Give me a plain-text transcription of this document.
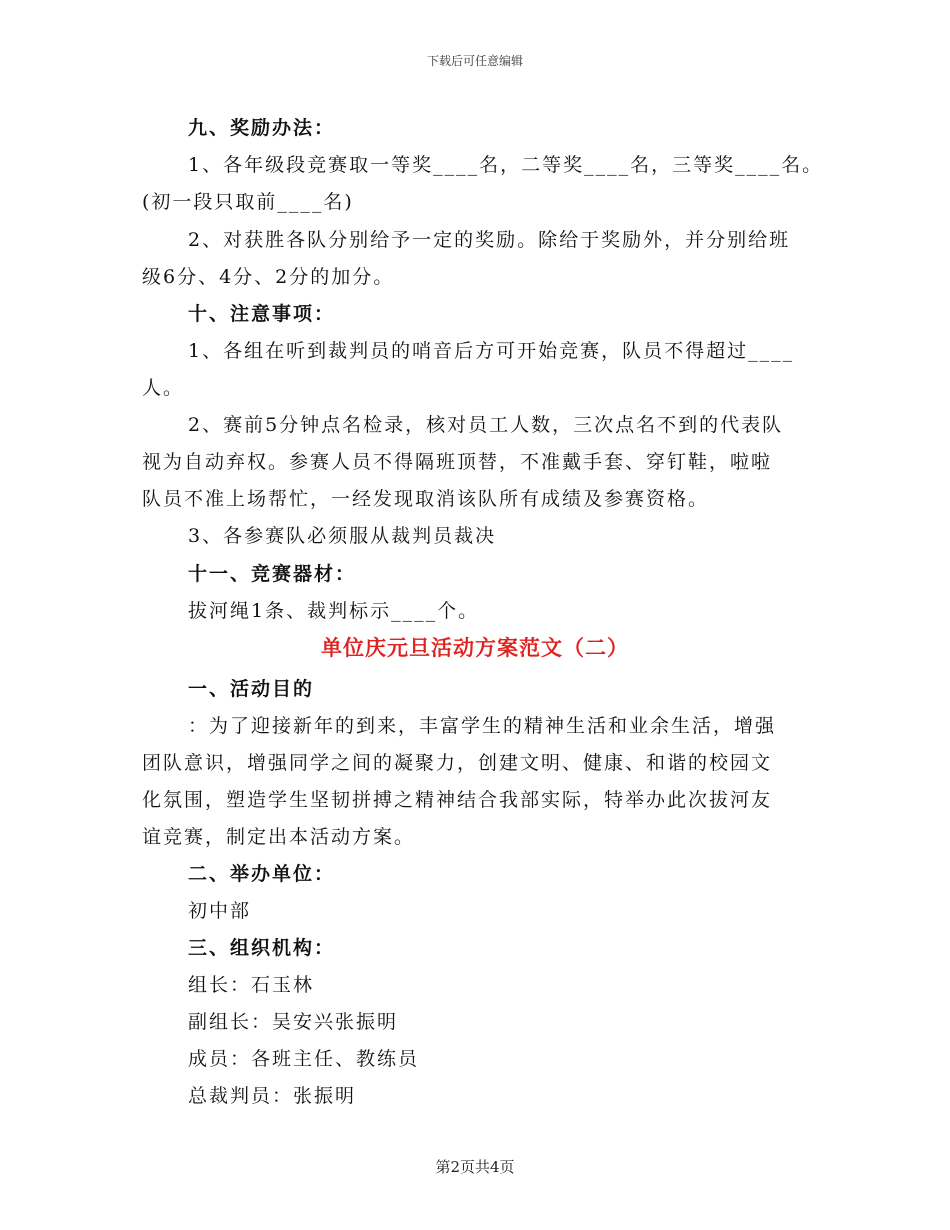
下载后可任意编辑
九、奖励办法：
1、各年级段竞赛取一等奖____名，二等奖____名，三等奖____名。
(初一段只取前____名)
2、对获胜各队分别给予一定的奖励。除给于奖励外，并分别给班
级6分、4分、2分的加分。
十、注意事项：
1、各组在听到裁判员的哨音后方可开始竞赛，队员不得超过____
人。
2、赛前5分钟点名检录，核对员工人数，三次点名不到的代表队
视为自动弃权。参赛人员不得隔班顶替，不准戴手套、穿钉鞋，啦啦
队员不准上场帮忙，一经发现取消该队所有成绩及参赛资格。
3、各参赛队必须服从裁判员裁决
十一、竞赛器材：
拔河绳1条、裁判标示____个。
单位庆元旦活动方案范文（二）
一、活动目的
：为了迎接新年的到来，丰富学生的精神生活和业余生活，增强
团队意识，增强同学之间的凝聚力，创建文明、健康、和谐的校园文
化氛围，塑造学生坚韧拼搏之精神结合我部实际，特举办此次拔河友
谊竞赛，制定出本活动方案。
二、举办单位：
初中部
三、组织机构：
组长：石玉林
副组长：吴安兴张振明
成员：各班主任、教练员
总裁判员：张振明
第2页共4页
